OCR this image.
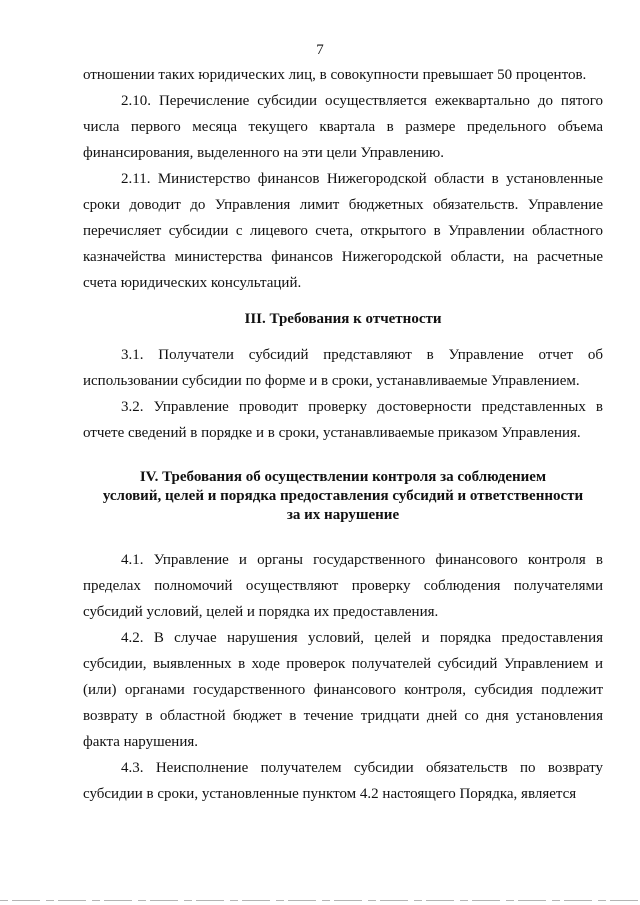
7

отношении таких юридических лиц, в совокупности превышает 50 процентов.

2.10. Перечисление субсидии осуществляется ежеквартально до пятого числа первого месяца текущего квартала в размере предельного объема финансирования, выделенного на эти цели Управлению.

2.11. Министерство финансов Нижегородской области в установленные сроки доводит до Управления лимит бюджетных обязательств. Управление перечисляет субсидии с лицевого счета, открытого в Управлении областного казначейства министерства финансов Нижегородской области, на расчетные счета юридических консультаций.

III. Требования к отчетности

3.1. Получатели субсидий представляют в Управление отчет об использовании субсидии по форме и в сроки, устанавливаемые Управлением.

3.2. Управление проводит проверку достоверности представленных в отчете сведений в порядке и в сроки, устанавливаемые приказом Управления.

IV. Требования об осуществлении контроля за соблюдением
условий, целей и порядка предоставления субсидий и ответственности
за их нарушение

4.1. Управление и органы государственного финансового контроля в пределах полномочий осуществляют проверку соблюдения получателями субсидий условий, целей и порядка их предоставления.

4.2. В случае нарушения условий, целей и порядка предоставления субсидии, выявленных в ходе проверок получателей субсидий Управлением и (или) органами государственного финансового контроля, субсидия подлежит возврату в областной бюджет в течение тридцати дней со дня установления факта нарушения.

4.3. Неисполнение получателем субсидии обязательств по возврату субсидии в сроки, установленные пунктом 4.2 настоящего Порядка, является
